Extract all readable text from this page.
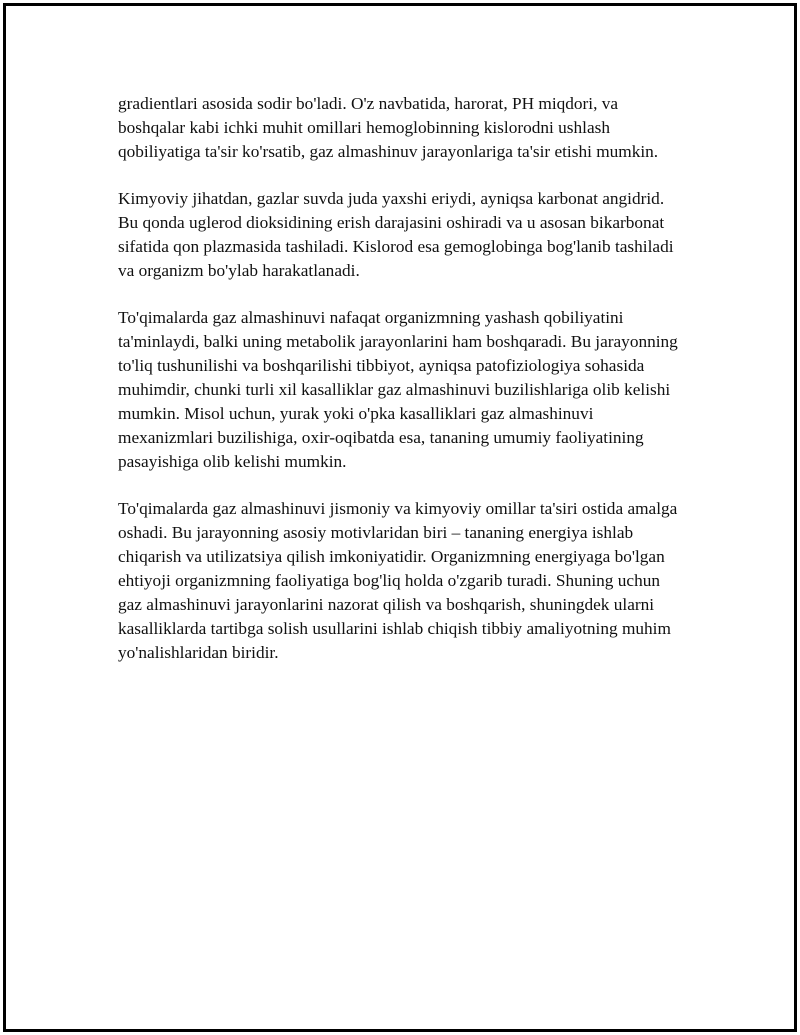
gradientlari asosida sodir bo'ladi. O'z navbatida, harorat, PH miqdori, va boshqalar kabi ichki muhit omillari hemoglobinning kislorodni ushlash qobiliyatiga ta'sir ko'rsatib, gaz almashinuv jarayonlariga ta'sir etishi mumkin.

Kimyoviy jihatdan, gazlar suvda juda yaxshi eriydi, ayniqsa karbonat angidrid. Bu qonda uglerod dioksidining erish darajasini oshiradi va u asosan bikarbonat sifatida qon plazmasida tashiladi. Kislorod esa gemoglobinga bog'lanib tashiladi va organizm bo'ylab harakatlanadi.

To'qimalarda gaz almashinuvi nafaqat organizmning yashash qobiliyatini ta'minlaydi, balki uning metabolik jarayonlarini ham boshqaradi. Bu jarayonning to'liq tushunilishi va boshqarilishi tibbiyot, ayniqsa patofiziologiya sohasida muhimdir, chunki turli xil kasalliklar gaz almashinuvi buzilishlariga olib kelishi mumkin. Misol uchun, yurak yoki o'pka kasalliklari gaz almashinuvi mexanizmlari buzilishiga, oxir-oqibatda esa, tananing umumiy faoliyatining pasayishiga olib kelishi mumkin.

To'qimalarda gaz almashinuvi jismoniy va kimyoviy omillar ta'siri ostida amalga oshadi. Bu jarayonning asosiy motivlaridan biri – tananing energiya ishlab chiqarish va utilizatsiya qilish imkoniyatidir. Organizmning energiyaga bo'lgan ehtiyoji organizmning faoliyatiga bog'liq holda o'zgarib turadi. Shuning uchun gaz almashinuvi jarayonlarini nazorat qilish va boshqarish, shuningdek ularni kasalliklarda tartibga solish usullarini ishlab chiqish tibbiy amaliyotning muhim yo'nalishlaridan biridir.
